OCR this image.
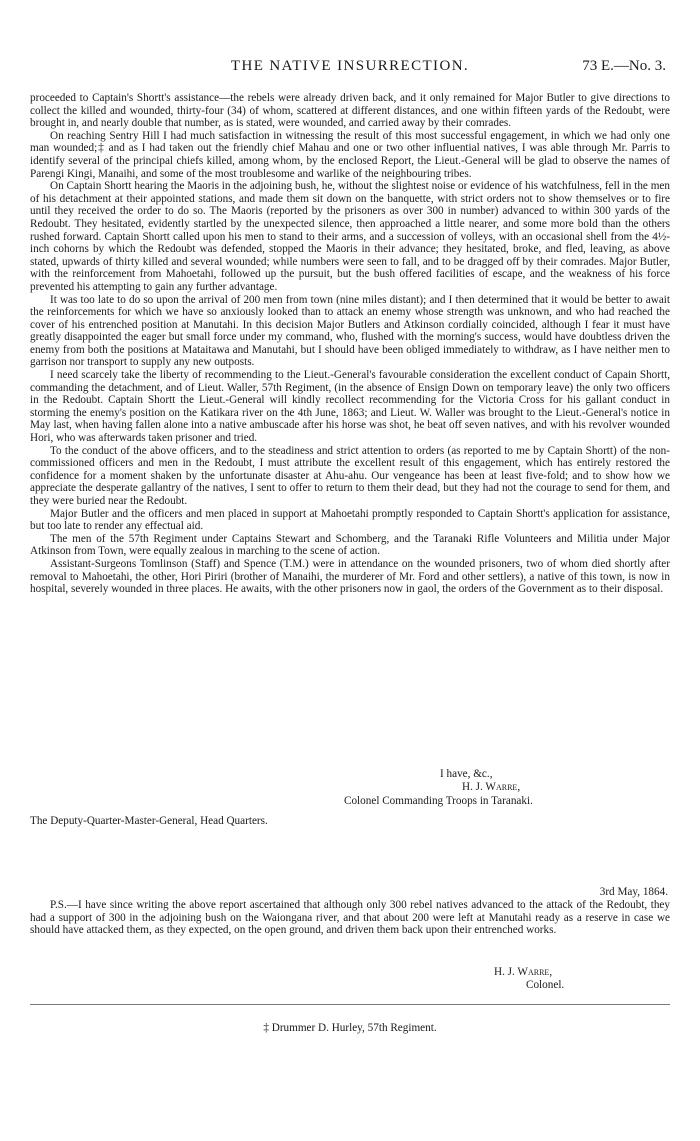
THE NATIVE INSURRECTION.	73 E.—No. 3.

proceeded to Captain's Shortt's assistance—the rebels were already driven back, and it only remained for Major Butler to give directions to collect the killed and wounded, thirty-four (34) of whom, scattered at different distances, and one within fifteen yards of the Redoubt, were brought in, and nearly double that number, as is stated, were wounded, and carried away by their comrades.

On reaching Sentry Hill I had much satisfaction in witnessing the result of this most successful engagement, in which we had only one man wounded;‡ and as I had taken out the friendly chief Mahau and one or two other influential natives, I was able through Mr. Parris to identify several of the principal chiefs killed, among whom, by the enclosed Report, the Lieut.-General will be glad to observe the names of Parengi Kingi, Manaihi, and some of the most troublesome and warlike of the neighbouring tribes.

On Captain Shortt hearing the Maoris in the adjoining bush, he, without the slightest noise or evidence of his watchfulness, fell in the men of his detachment at their appointed stations, and made them sit down on the banquette, with strict orders not to show themselves or to fire until they received the order to do so. The Maoris (reported by the prisoners as over 300 in number) advanced to within 300 yards of the Redoubt. They hesitated, evidently startled by the unexpected silence, then approached a little nearer, and some more bold than the others rushed forward. Captain Shortt called upon his men to stand to their arms, and a succession of volleys, with an occasional shell from the 4½-inch cohorns by which the Redoubt was defended, stopped the Maoris in their advance; they hesitated, broke, and fled, leaving, as above stated, upwards of thirty killed and several wounded; while numbers were seen to fall, and to be dragged off by their comrades. Major Butler, with the reinforcement from Mahoetahi, followed up the pursuit, but the bush offered facilities of escape, and the weakness of his force prevented his attempting to gain any further advantage.

It was too late to do so upon the arrival of 200 men from town (nine miles distant); and I then determined that it would be better to await the reinforcements for which we have so anxiously looked than to attack an enemy whose strength was unknown, and who had reached the cover of his entrenched position at Manutahi. In this decision Major Butlers and Atkinson cordially coincided, although I fear it must have greatly disappointed the eager but small force under my command, who, flushed with the morning's success, would have doubtless driven the enemy from both the positions at Mataitawa and Manutahi, but I should have been obliged immediately to withdraw, as I have neither men to garrison nor transport to supply any new outposts.

I need scarcely take the liberty of recommending to the Lieut.-General's favourable consideration the excellent conduct of Capain Shortt, commanding the detachment, and of Lieut. Waller, 57th Regiment, (in the absence of Ensign Down on temporary leave) the only two officers in the Redoubt. Captain Shortt the Lieut.-General will kindly recollect recommending for the Victoria Cross for his gallant conduct in storming the enemy's position on the Katikara river on the 4th June, 1863; and Lieut. W. Waller was brought to the Lieut.-General's notice in May last, when having fallen alone into a native ambuscade after his horse was shot, he beat off seven natives, and with his revolver wounded Hori, who was afterwards taken prisoner and tried.

To the conduct of the above officers, and to the steadiness and strict attention to orders (as reported to me by Captain Shortt) of the non-commissioned officers and men in the Redoubt, I must attribute the excellent result of this engagement, which has entirely restored the confidence for a moment shaken by the unfortunate disaster at Ahu-ahu. Our vengeance has been at least five-fold; and to show how we appreciate the desperate gallantry of the natives, I sent to offer to return to them their dead, but they had not the courage to send for them, and they were buried near the Redoubt.

Major Butler and the officers and men placed in support at Mahoetahi promptly responded to Captain Shortt's application for assistance, but too late to render any effectual aid.

The men of the 57th Regiment under Captains Stewart and Schomberg, and the Taranaki Rifle Volunteers and Militia under Major Atkinson from Town, were equally zealous in marching to the scene of action.

Assistant-Surgeons Tomlinson (Staff) and Spence (T.M.) were in attendance on the wounded prisoners, two of whom died shortly after removal to Mahoetahi, the other, Hori Piriri (brother of Manaihi, the murderer of Mr. Ford and other settlers), a native of this town, is now in hospital, severely wounded in three places. He awaits, with the other prisoners now in gaol, the orders of the Government as to their disposal.

I have, &c.,
H. J. Warre,
Colonel Commanding Troops in Taranaki.
The Deputy-Quarter-Master-General, Head Quarters.
3rd May, 1864.
P.S.—I have since writing the above report ascertained that although only 300 rebel natives advanced to the attack of the Redoubt, they had a support of 300 in the adjoining bush on the Waiongana river, and that about 200 were left at Manutahi ready as a reserve in case we should have attacked them, as they expected, on the open ground, and driven them back upon their entrenched works.
H. J. Warre,
Colonel.
‡ Drummer D. Hurley, 57th Regiment.
